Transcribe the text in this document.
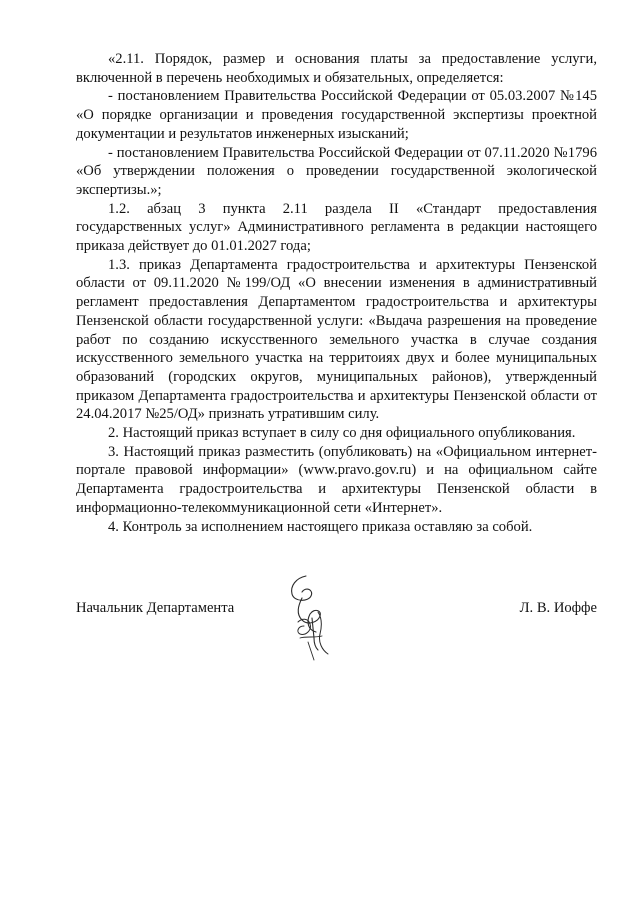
«2.11. Порядок, размер и основания платы за предоставление услуги, включенной в перечень необходимых и обязательных, определяется:

- постановлением Правительства Российской Федерации от 05.03.2007 №145 «О порядке организации и проведения государственной экспертизы проектной документации и результатов инженерных изысканий;

- постановлением Правительства Российской Федерации от 07.11.2020 №1796 «Об утверждении положения о проведении государственной экологической экспертизы.»;

1.2. абзац 3 пункта 2.11 раздела II «Стандарт предоставления государственных услуг» Административного регламента в редакции настоящего приказа действует до 01.01.2027 года;

1.3. приказ Департамента градостроительства и архитектуры Пензенской области от 09.11.2020 №199/ОД «О внесении изменения в административный регламент предоставления Департаментом градостроительства и архитектуры Пензенской области государственной услуги: «Выдача разрешения на проведение работ по созданию искусственного земельного участка в случае создания искусственного земельного участка на территоиях двух и более муниципальных образований (городских округов, муниципальных районов), утвержденный приказом Департамента градостроительства и архитектуры Пензенской области от 24.04.2017 №25/ОД» признать утратившим силу.

2. Настоящий приказ вступает в силу со дня официального опубликования.

3. Настоящий приказ разместить (опубликовать) на «Официальном интернет-портале правовой информации» (www.pravo.gov.ru) и на официальном сайте Департамента градостроительства и архитектуры Пензенской области в информационно-телекоммуникационной сети «Интернет».

4. Контроль за исполнением настоящего приказа оставляю за собой.

Начальник Департамента	Л. В. Иоффе
